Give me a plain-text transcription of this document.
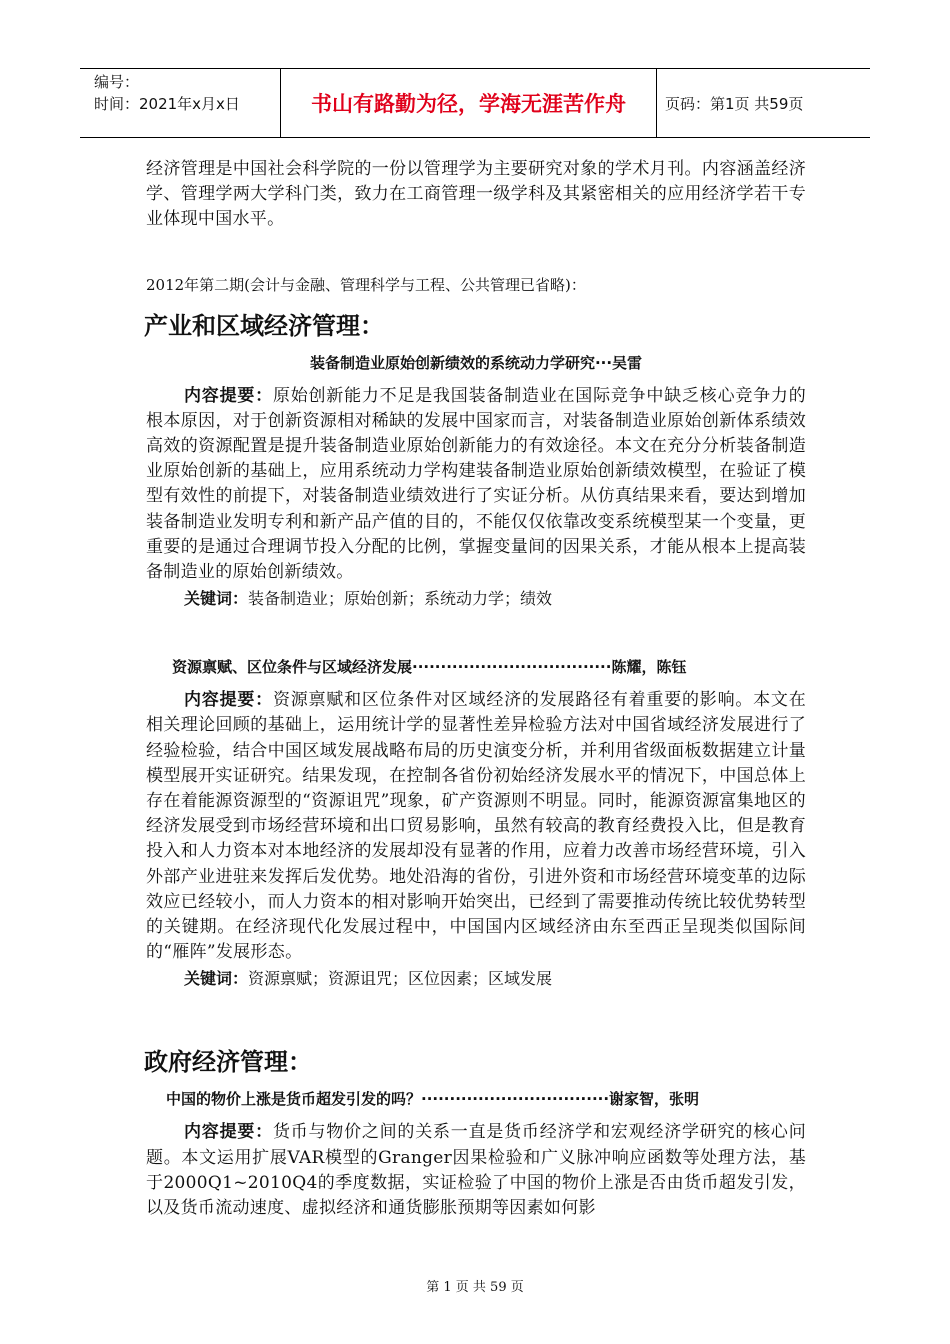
编号：
时间：2021年x月x日	书山有路勤为径，学海无涯苦作舟	页码：第1页 共59页

经济管理是中国社会科学院的一份以管理学为主要研究对象的学术月刊。内容涵盖经济学、管理学两大学科门类，致力在工商管理一级学科及其紧密相关的应用经济学若干专业体现中国水平。

2012年第二期(会计与金融、管理科学与工程、公共管理已省略)：

产业和区域经济管理：
装备制造业原始创新绩效的系统动力学研究···吴雷

内容提要：原始创新能力不足是我国装备制造业在国际竞争中缺乏核心竞争力的根本原因，对于创新资源相对稀缺的发展中国家而言，对装备制造业原始创新体系绩效高效的资源配置是提升装备制造业原始创新能力的有效途径。本文在充分分析装备制造业原始创新的基础上，应用系统动力学构建装备制造业原始创新绩效模型，在验证了模型有效性的前提下，对装备制造业绩效进行了实证分析。从仿真结果来看，要达到增加装备制造业发明专利和新产品产值的目的，不能仅仅依靠改变系统模型某一个变量，更重要的是通过合理调节投入分配的比例，掌握变量间的因果关系，才能从根本上提高装备制造业的原始创新绩效。

关键词：装备制造业；原始创新；系统动力学；绩效

资源禀赋、区位条件与区域经济发展···································陈耀，陈钰

内容提要：资源禀赋和区位条件对区域经济的发展路径有着重要的影响。本文在相关理论回顾的基础上，运用统计学的显著性差异检验方法对中国省域经济发展进行了经验检验，结合中国区域发展战略布局的历史演变分析，并利用省级面板数据建立计量模型展开实证研究。结果发现，在控制各省份初始经济发展水平的情况下，中国总体上存在着能源资源型的“资源诅咒”现象，矿产资源则不明显。同时，能源资源富集地区的经济发展受到市场经营环境和出口贸易影响，虽然有较高的教育经费投入比，但是教育投入和人力资本对本地经济的发展却没有显著的作用，应着力改善市场经营环境，引入外部产业进驻来发挥后发优势。地处沿海的省份，引进外资和市场经营环境变革的边际效应已经较小，而人力资本的相对影响开始突出，已经到了需要推动传统比较优势转型的关键期。在经济现代化发展过程中，中国国内区域经济由东至西正呈现类似国际间的“雁阵”发展形态。

关键词：资源禀赋；资源诅咒；区位因素；区域发展

政府经济管理：
中国的物价上涨是货币超发引发的吗？·································谢家智，张明

内容提要：货币与物价之间的关系一直是货币经济学和宏观经济学研究的核心问题。本文运用扩展VAR模型的Granger因果检验和广义脉冲响应函数等处理方法，基于2000Q1~2010Q4的季度数据，实证检验了中国的物价上涨是否由货币超发引发，以及货币流动速度、虚拟经济和通货膨胀预期等因素如何影

第 1 页 共 59 页
